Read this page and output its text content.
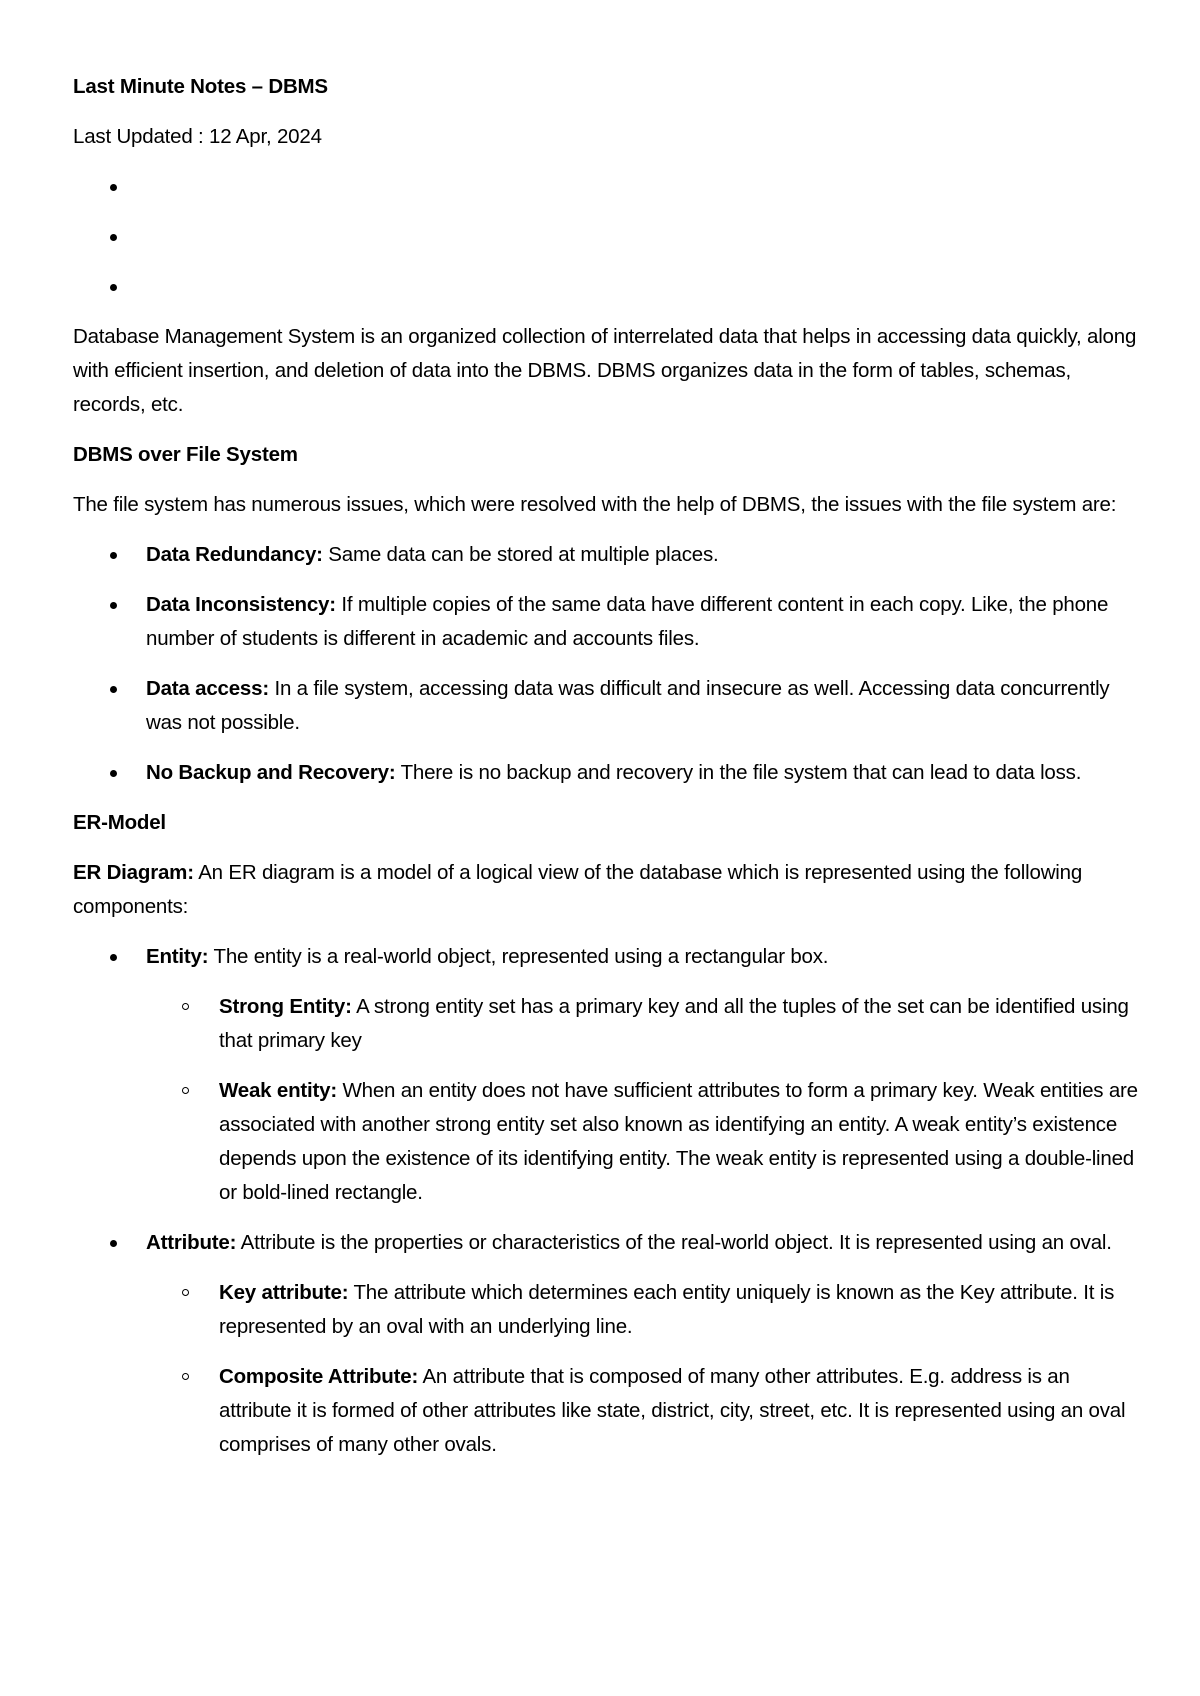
Last Minute Notes – DBMS

Last Updated : 12 Apr, 2024

Database Management System is an organized collection of interrelated data that helps in accessing data quickly, along with efficient insertion, and deletion of data into the DBMS. DBMS organizes data in the form of tables, schemas, records, etc.

DBMS over File System

The file system has numerous issues, which were resolved with the help of DBMS, the issues with the file system are:

Data Redundancy: Same data can be stored at multiple places.
Data Inconsistency: If multiple copies of the same data have different content in each copy. Like, the phone number of students is different in academic and accounts files.
Data access: In a file system, accessing data was difficult and insecure as well. Accessing data concurrently was not possible.
No Backup and Recovery: There is no backup and recovery in the file system that can lead to data loss.

ER-Model

ER Diagram: An ER diagram is a model of a logical view of the database which is represented using the following components:

Entity: The entity is a real-world object, represented using a rectangular box.
Strong Entity: A strong entity set has a primary key and all the tuples of the set can be identified using that primary key
Weak entity: When an entity does not have sufficient attributes to form a primary key. Weak entities are associated with another strong entity set also known as identifying an entity. A weak entity’s existence depends upon the existence of its identifying entity. The weak entity is represented using a double-lined or bold-lined rectangle.
Attribute: Attribute is the properties or characteristics of the real-world object. It is represented using an oval.
Key attribute: The attribute which determines each entity uniquely is known as the Key attribute. It is represented by an oval with an underlying line.
Composite Attribute: An attribute that is composed of many other attributes. E.g. address is an attribute it is formed of other attributes like state, district, city, street, etc. It is represented using an oval comprises of many other ovals.
